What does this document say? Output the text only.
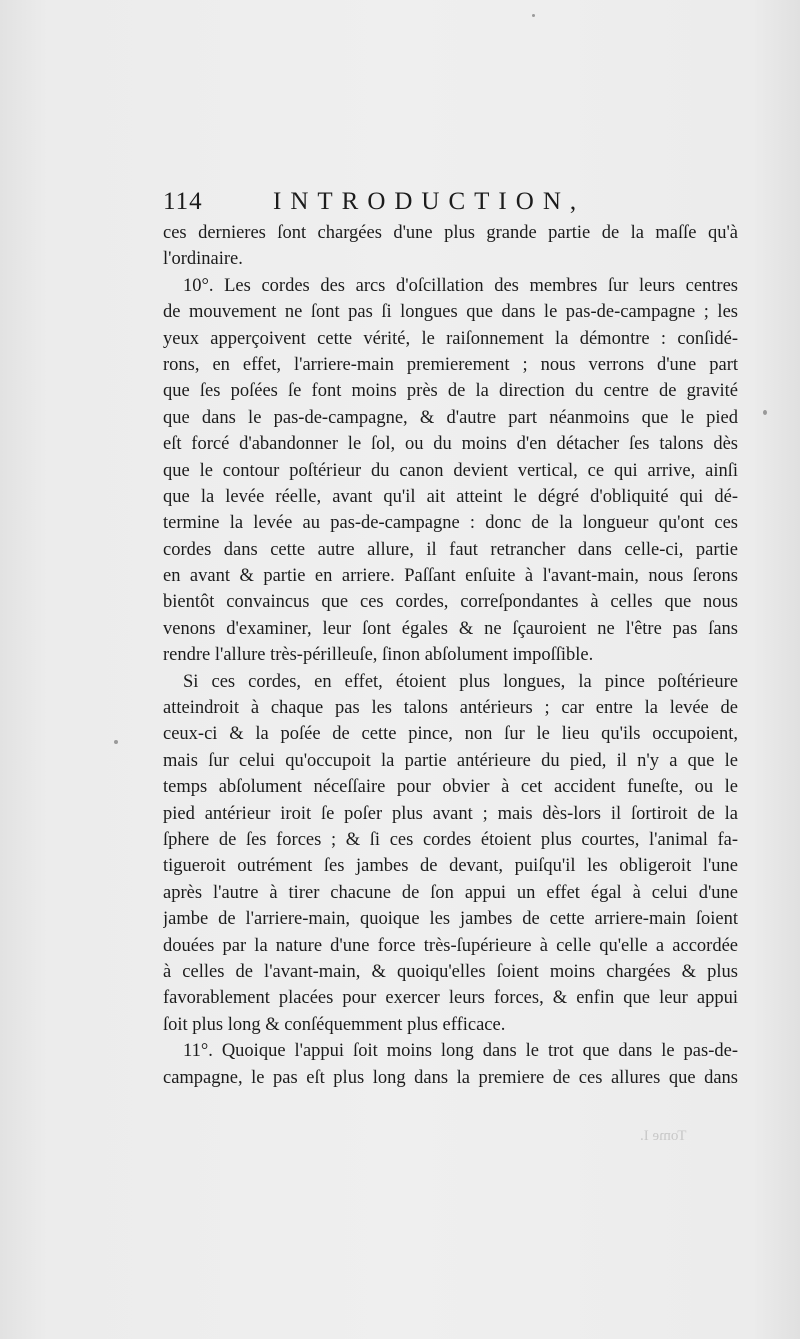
114	INTRODUCTION,
ces dernieres ſont chargées d'une plus grande partie de la maſſe qu'à
l'ordinaire.
10°. Les cordes des arcs d'oſcillation des membres ſur leurs centres
de mouvement ne ſont pas ſi longues que dans le pas-de-campagne ; les
yeux apperçoivent cette vérité, le raiſonnement la démontre : conſidé-
rons, en effet, l'arriere-main premierement ; nous verrons d'une part
que ſes poſées ſe font moins près de la direction du centre de gravité
que dans le pas-de-campagne, & d'autre part néanmoins que le pied
eſt forcé d'abandonner le ſol, ou du moins d'en détacher ſes talons dès
que le contour poſtérieur du canon devient vertical, ce qui arrive, ainſi
que la levée réelle, avant qu'il ait atteint le dégré d'obliquité qui dé-
termine la levée au pas-de-campagne : donc de la longueur qu'ont ces
cordes dans cette autre allure, il faut retrancher dans celle-ci, partie
en avant & partie en arriere. Paſſant enſuite à l'avant-main, nous ſerons
bientôt convaincus que ces cordes, correſpondantes à celles que nous
venons d'examiner, leur ſont égales & ne ſçauroient ne l'être pas ſans
rendre l'allure très-périlleuſe, ſinon abſolument impoſſible.
Si ces cordes, en effet, étoient plus longues, la pince poſtérieure
atteindroit à chaque pas les talons antérieurs ; car entre la levée de
ceux-ci & la poſée de cette pince, non ſur le lieu qu'ils occupoient,
mais ſur celui qu'occupoit la partie antérieure du pied, il n'y a que le
temps abſolument néceſſaire pour obvier à cet accident funeſte, ou le
pied antérieur iroit ſe poſer plus avant ; mais dès-lors il ſortiroit de la
ſphere de ſes forces ; & ſi ces cordes étoient plus courtes, l'animal fa-
tigueroit outrément ſes jambes de devant, puiſqu'il les obligeroit l'une
après l'autre à tirer chacune de ſon appui un effet égal à celui d'une
jambe de l'arriere-main, quoique les jambes de cette arriere-main ſoient
douées par la nature d'une force très-ſupérieure à celle qu'elle a accordée
à celles de l'avant-main, & quoiqu'elles ſoient moins chargées & plus
favorablement placées pour exercer leurs forces, & enfin que leur appui
ſoit plus long & conſéquemment plus efficace.
11°. Quoique l'appui ſoit moins long dans le trot que dans le pas-de-
campagne, le pas eſt plus long dans la premiere de ces allures que dans
Tome I.
